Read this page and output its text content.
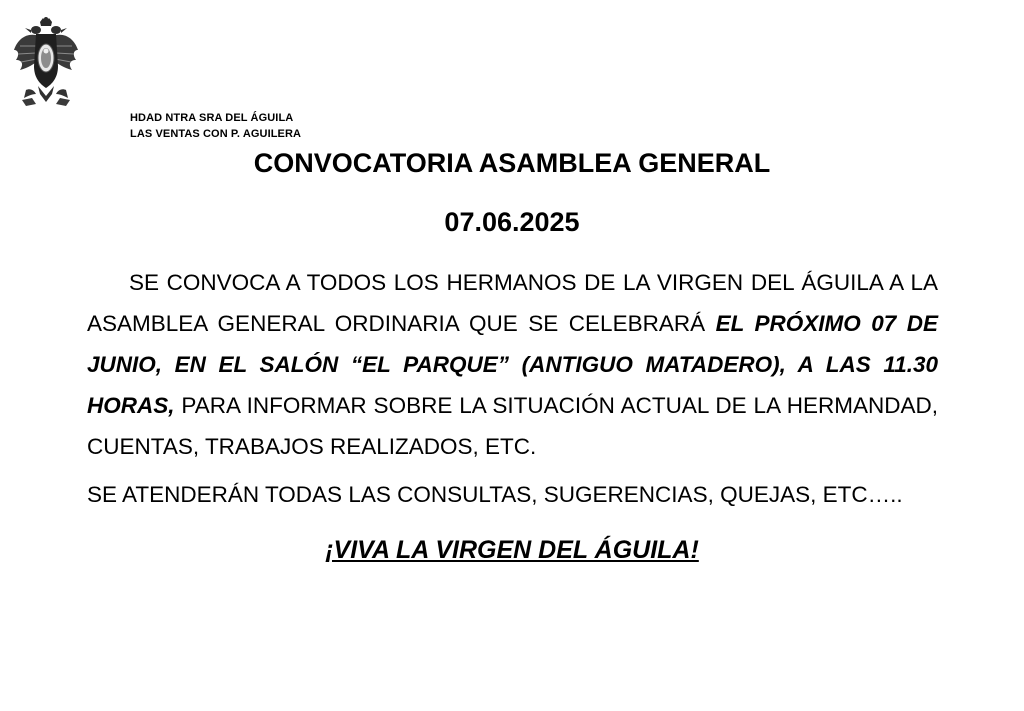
HDAD NTRA SRA DEL ÁGUILA
LAS VENTAS CON P. AGUILERA
CONVOCATORIA ASAMBLEA GENERAL
07.06.2025

SE CONVOCA A TODOS LOS HERMANOS DE LA VIRGEN DEL ÁGUILA A LA ASAMBLEA GENERAL ORDINARIA QUE SE CELEBRARÁ EL PRÓXIMO 07 DE JUNIO, EN EL SALÓN “EL PARQUE” (ANTIGUO MATADERO), A LAS 11.30 HORAS, PARA INFORMAR SOBRE LA SITUACIÓN ACTUAL DE LA HERMANDAD, CUENTAS, TRABAJOS REALIZADOS, ETC.

SE ATENDERÁN TODAS LAS CONSULTAS, SUGERENCIAS, QUEJAS, ETC…..

¡VIVA LA VIRGEN DEL ÁGUILA!
